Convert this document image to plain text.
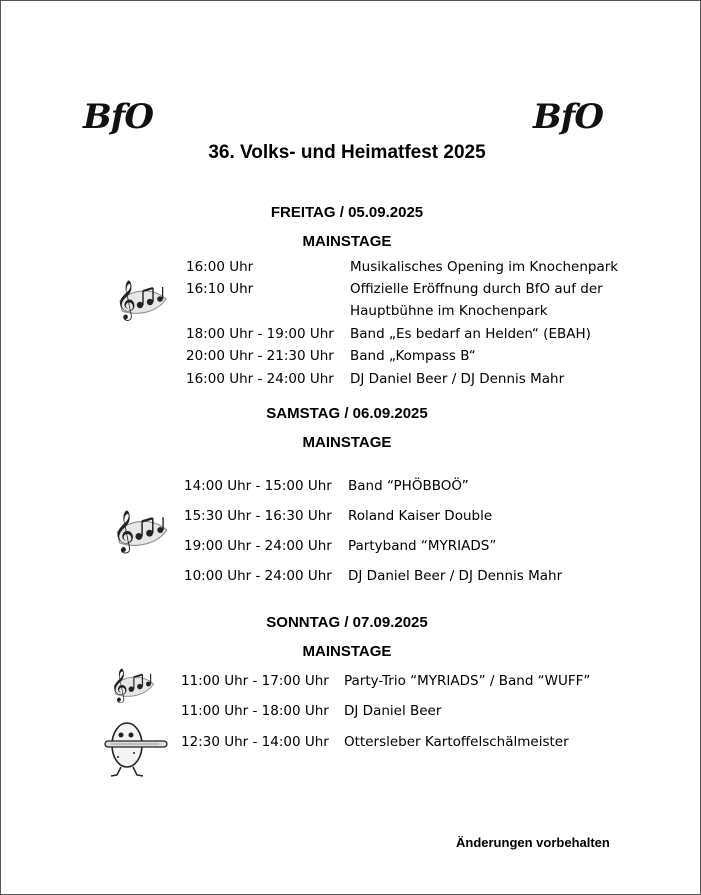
BfO	BfO
36. Volks- und Heimatfest 2025
FREITAG / 05.09.2025
MAINSTAGE
16:00 Uhr	Musikalisches Opening im Knochenpark
16:10 Uhr	Offizielle Eröffnung durch BfO auf der
Hauptbühne im Knochenpark
18:00 Uhr - 19:00 Uhr Band „Es bedarf an Helden“ (EBAH)
20:00 Uhr - 21:30 Uhr Band „Kompass B“
16:00 Uhr - 24:00 Uhr DJ Daniel Beer / DJ Dennis Mahr
𝄞
SAMSTAG / 06.09.2025
MAINSTAGE
14:00 Uhr - 15:00 Uhr Band “PHÖBBOÖ”
15:30 Uhr - 16:30 Uhr Roland Kaiser Double
19:00 Uhr - 24:00 Uhr Partyband “MYRIADS”
10:00 Uhr - 24:00 Uhr DJ Daniel Beer / DJ Dennis Mahr
𝄞
SONNTAG / 07.09.2025
MAINSTAGE
11:00 Uhr - 17:00 Uhr Party-Trio “MYRIADS” / Band “WUFF”
11:00 Uhr - 18:00 Uhr DJ Daniel Beer
12:30 Uhr - 14:00 Uhr Ottersleber Kartoffelschälmeister
𝄞
Änderungen vorbehalten
